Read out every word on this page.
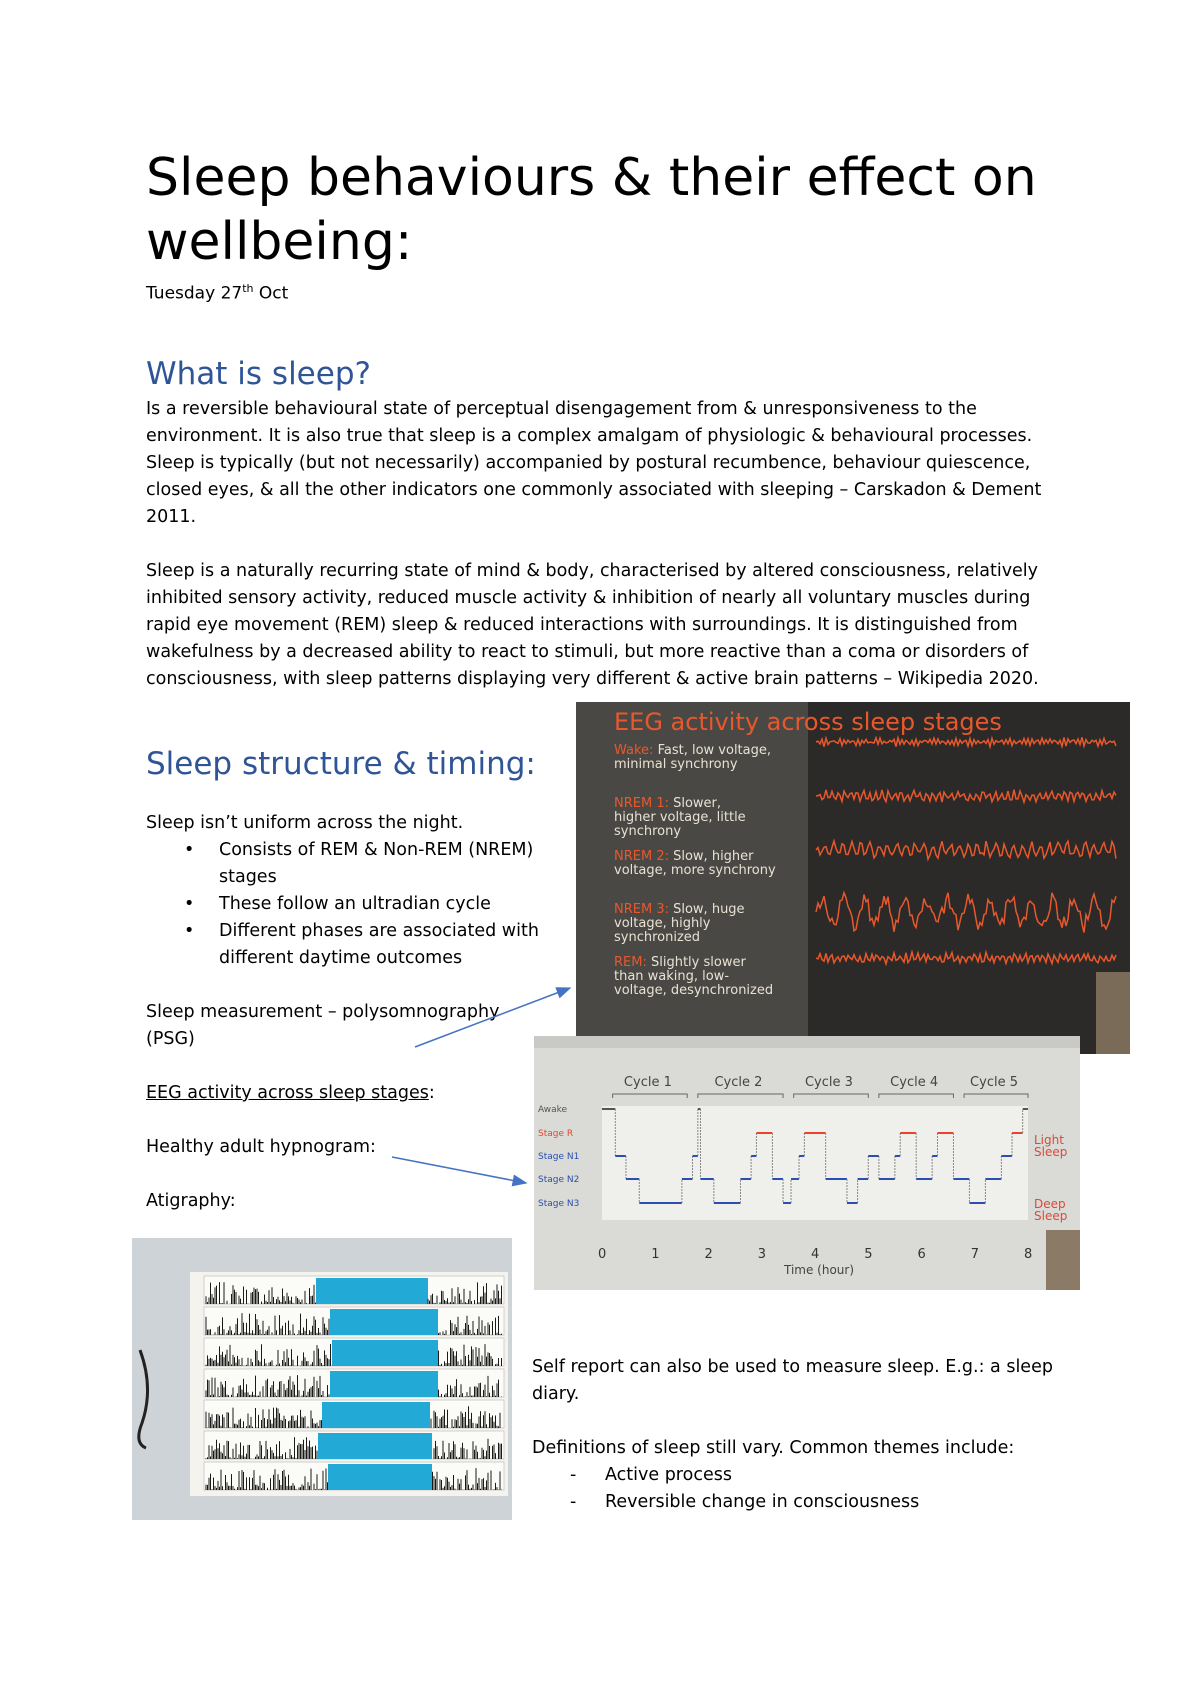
Sleep behaviours & their effect on wellbeing:
Tuesday 27th Oct
What is sleep?

Is a reversible behavioural state of perceptual disengagement from & unresponsiveness to the environment. It is also true that sleep is a complex amalgam of physiologic & behavioural processes. Sleep is typically (but not necessarily) accompanied by postural recumbence, behaviour quiescence, closed eyes, & all the other indicators one commonly associated with sleeping – Carskadon & Dement 2011.

Sleep is a naturally recurring state of mind & body, characterised by altered consciousness, relatively inhibited sensory activity, reduced muscle activity & inhibition of nearly all voluntary muscles during rapid eye movement (REM) sleep & reduced interactions with surroundings. It is distinguished from wakefulness by a decreased ability to react to stimuli, but more reactive than a coma or disorders of consciousness, with sleep patterns displaying very different & active brain patterns – Wikipedia 2020.

Sleep structure & timing:
Sleep isn’t uniform across the night.
• Consists of REM & Non-REM (NREM) stages
• These follow an ultradian cycle
• Different phases are associated with different daytime outcomes
Sleep measurement – polysomnography (PSG)
EEG activity across sleep stages:
Healthy adult hypnogram:
Atigraphy:
EEG activity across sleep stages
Wake: Fast, low voltage,
minimal synchrony
NREM 1: Slower,
higher voltage, little
synchrony
NREM 2: Slow, higher
voltage, more synchrony
NREM 3: Slow, huge
voltage, highly
synchronized
REM: Slightly slower
than waking, low-
voltage, desynchronized
Cycle 1	Cycle 2	Cycle 3	Cycle 4 Cycle 5
Awake
Stage R
Stage N1
Stage N2
Stage N3
0	1	2	3	4	5	6	7	8
Time (hour)
Light
Sleep
Deep
Sleep
Self report can also be used to measure sleep. E.g.: a sleep diary.
Definitions of sleep still vary. Common themes include:
- Active process
- Reversible change in consciousness
